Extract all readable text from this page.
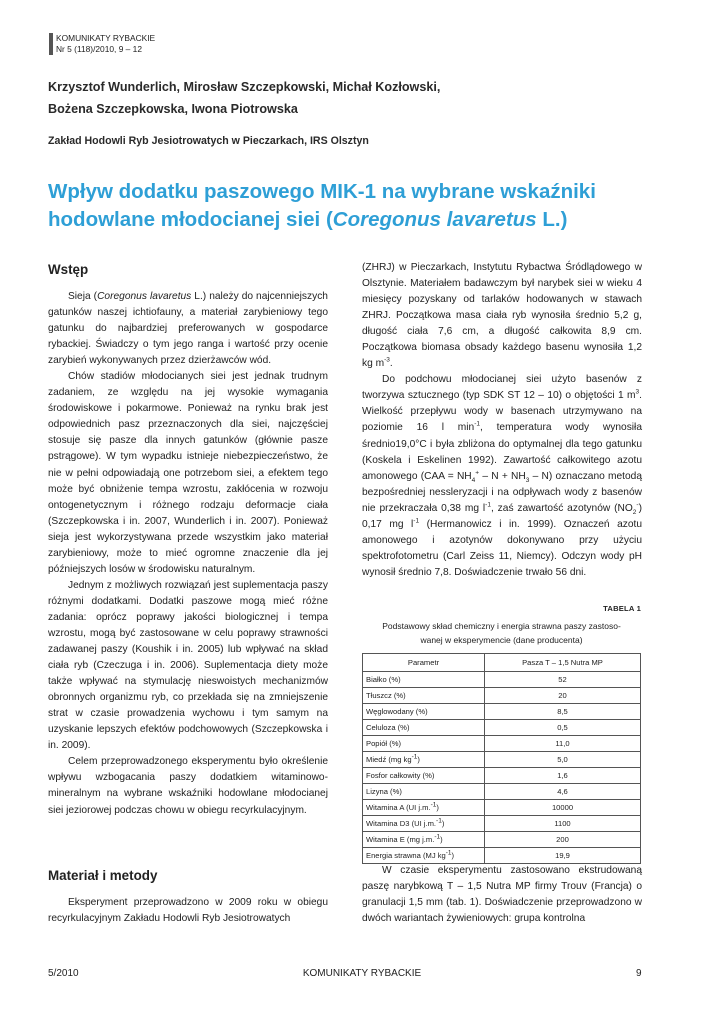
KOMUNIKATY RYBACKIE
Nr 5 (118)/2010, 9 – 12
Krzysztof Wunderlich, Mirosław Szczepkowski, Michał Kozłowski,
Bożena Szczepkowska, Iwona Piotrowska
Zakład Hodowli Ryb Jesiotrowatych w Pieczarkach, IRS Olsztyn
Wpływ dodatku paszowego MIK-1 na wybrane wskaźniki
hodowlane młodocianej siei (Coregonus lavaretus L.)
Wstęp

Sieja (Coregonus lavaretus L.) należy do najcenniejszych gatunków naszej ichtiofauny, a materiał zarybieniowy tego gatunku do najbardziej preferowanych w gospodarce rybackiej. Świadczy o tym jego ranga i wartość przy ocenie zarybień wykonywanych przez dzierżawców wód.

Chów stadiów młodocianych siei jest jednak trudnym zadaniem, ze względu na jej wysokie wymagania środowiskowe i pokarmowe. Ponieważ na rynku brak jest odpowiednich pasz przeznaczonych dla siei, najczęściej stosuje się pasze dla innych gatunków (głównie pasze pstrągowe). W tym wypadku istnieje niebezpieczeństwo, że nie w pełni odpowiadają one potrzebom siei, a efektem tego może być obniżenie tempa wzrostu, zakłócenia w rozwoju ontogenetycznym i różnego rodzaju deformacje ciała (Szczepkowska i in. 2007, Wunderlich i in. 2007). Ponieważ sieja jest wykorzystywana przede wszystkim jako materiał zarybieniowy, może to mieć ogromne znaczenie dla jej późniejszych losów w środowisku naturalnym.

Jednym z możliwych rozwiązań jest suplementacja paszy różnymi dodatkami. Dodatki paszowe mogą mieć różne zadania: oprócz poprawy jakości biologicznej i tempa wzrostu, mogą być zastosowane w celu poprawy strawności zadawanej paszy (Koushik i in. 2005) lub wpływać na skład ciała ryb (Czeczuga i in. 2006). Suplementacja diety może także wpływać na stymulację nieswoistych mechanizmów obronnych organizmu ryb, co przekłada się na zmniejszenie strat w czasie prowadzenia wychowu i tym samym na uzyskanie lepszych efektów podchowowych (Szczepkowska i in. 2009).

Celem przeprowadzonego eksperymentu było określenie wpływu wzbogacania paszy dodatkiem witaminowo-mineralnym na wybrane wskaźniki hodowlane młodocianej siei jeziorowej podczas chowu w obiegu recyrkulacyjnym.

Materiał i metody

Eksperyment przeprowadzono w 2009 roku w obiegu recyrkulacyjnym Zakładu Hodowli Ryb Jesiotrowatych

(ZHRJ) w Pieczarkach, Instytutu Rybactwa Śródlądowego w Olsztynie. Materiałem badawczym był narybek siei w wieku 4 miesięcy pozyskany od tarlaków hodowanych w stawach ZHRJ. Początkowa masa ciała ryb wynosiła średnio 5,2 g, długość ciała 7,6 cm, a długość całkowita 8,9 cm. Początkowa biomasa obsady każdego basenu wynosiła 1,2 kg $m^{-3}$.

Do podchowu młodocianej siei użyto basenów z tworzywa sztucznego (typ SDK ST 12 – 10) o objętości 1 $m^3$. Wielkość przepływu wody w basenach utrzymywano na poziomie 16 l $\min^{-1}$, temperatura wody wynosiła średnio19,0°C i była zbliżona do optymalnej dla tego gatunku (Koskela i Eskelinen 1992). Zawartość całkowitego azotu amonowego $(CAA = NH_4^+ - N + NH_3 - N)$ oznaczano metodą bezpośredniej nessleryzacji i na odpływach wody z basenów nie przekraczała 0,38 mg $l^{-1}$, zaś zawartość azotynów $(NO_2^-)$ 0,17 mg $l^{-1}$ (Hermanowicz i in. 1999). Oznaczeń azotu amonowego i azotynów dokonywano przy użyciu spektrofotometru (Carl Zeiss 11, Niemcy). Odczyn wody pH wynosił średnio 7,8. Doświadczenie trwało 56 dni.

TABELA 1
Podstawowy skład chemiczny i energia strawna paszy zastoso-
wanej w eksperymencie (dane producenta)
Parametr	Pasza T – 1,5 Nutra MP
Białko (%)	52
Tłuszcz (%)	20
Węglowodany (%)	8,5
Celuloza (%)	0,5
Popiół (%)	11,0
Miedź (mg $kg^{-1}$)	5,0
Fosfor całkowity (%)	1,6
Lizyna (%)	4,6
Witamina A (UI j.m.$^{-1}$)	10000
Witamina D3 (UI j.m.$^{-1}$)	1100
Witamina E (mg j.m.$^{-1}$)	200
Energia strawna (MJ $kg^{-1}$)	19,9

W czasie eksperymentu zastosowano ekstrudowaną paszę narybkową T – 1,5 Nutra MP firmy Trouv (Francja) o granulacji 1,5 mm (tab. 1). Doświadczenie przeprowadzono w dwóch wariantach żywieniowych: grupa kontrolna

5/2010	KOMUNIKATY RYBACKIE	9
